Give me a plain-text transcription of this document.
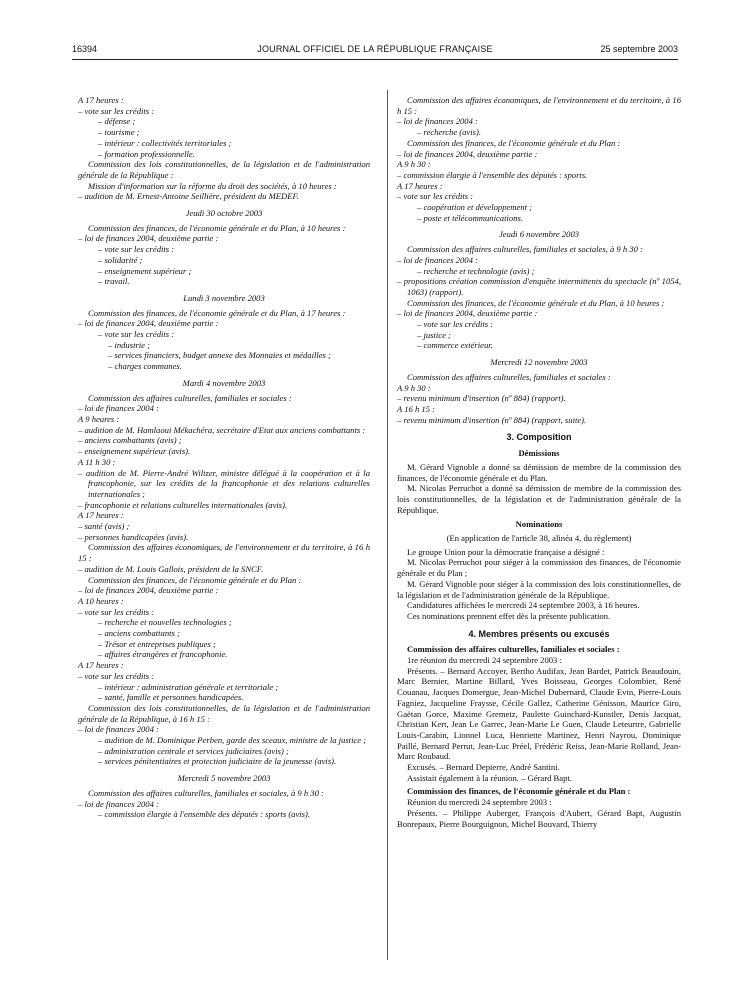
16394	JOURNAL OFFICIEL DE LA RÉPUBLIQUE FRANÇAISE	25 septembre 2003

A 17 heures :

– vote sur les crédits :

– défense ;

– tourisme ;

– intérieur : collectivités territoriales ;

– formation professionnelle.

Commission des lois constitutionnelles, de la législation et de l'administration générale de la République :

Mission d'information sur la réforme du droit des sociétés, à 10 heures :

– audition de M. Ernest-Antoine Seillière, président du MEDEF.

Jeudi 30 octobre 2003

Commission des finances, de l'économie générale et du Plan, à 10 heures :

– loi de finances 2004, deuxième partie :

– vote sur les crédits :

– solidarité ;

– enseignement supérieur ;

– travail.

Lundi 3 novembre 2003

Commission des finances, de l'économie générale et du Plan, à 17 heures :

– loi de finances 2004, deuxième partie :

– vote sur les crédits :

– industrie ;

– services financiers, budget annexe des Monnaies et médailles ;

– charges communes.

Mardi 4 novembre 2003

Commission des affaires culturelles, familiales et sociales :

– loi de finances 2004 :

A 9 heures :

– audition de M. Hamlaoui Mékachéra, secrétaire d'Etat aux anciens combattants :

– anciens combattants (avis) ;

– enseignement supérieur (avis).

A 11 h 30 :

– audition de M. Pierre-André Wiltzer, ministre délégué à la coopération et à la francophonie, sur les crédits de la francophonie et des relations culturelles internationales ;

– francophonie et relations culturelles internationales (avis).

A 17 heures :

– santé (avis) ;

– personnes handicapées (avis).

Commission des affaires économiques, de l'environnement et du territoire, à 16 h 15 :

– audition de M. Louis Gallois, président de la SNCF.

Commission des finances, de l'économie générale et du Plan :

– loi de finances 2004, deuxième partie :

A 10 heures :

– vote sur les crédits :

– recherche et nouvelles technologies ;

– anciens combattants ;

– Trésor et entreprises publiques ;

– affaires étrangères et francophonie.

A 17 heures :

– vote sur les crédits :

– intérieur : administration générale et territoriale ;

– santé, famille et personnes handicapées.

Commission des lois constitutionnelles, de la législation et de l'administration générale de la République, à 16 h 15 :

– loi de finances 2004 :

– audition de M. Dominique Perben, garde des sceaux, ministre de la justice ;

– administration centrale et services judiciaires (avis) ;

– services pénitentiaires et protection judiciaire de la jeunesse (avis).

Mercredi 5 novembre 2003

Commission des affaires culturelles, familiales et sociales, à 9 h 30 :

– loi de finances 2004 :

– commission élargie à l'ensemble des députés : sports (avis).

Commission des affaires économiques, de l'environnement et du territoire, à 16 h 15 :

– loi de finances 2004 :

– recherche (avis).

Commission des finances, de l'économie générale et du Plan :

– loi de finances 2004, deuxième partie :

A 9 h 30 :

– commission élargie à l'ensemble des députés : sports.

A 17 heures :

– vote sur les crédits :

– coopération et développement ;

– poste et télécommunications.

Jeudi 6 novembre 2003

Commission des affaires culturelles, familiales et sociales, à 9 h 30 :

– loi de finances 2004 :

– recherche et technologie (avis) ;

– propositions création commission d'enquête intermittents du spectacle (nº 1054, 1063) (rapport).

Commission des finances, de l'économie générale et du Plan, à 10 heures :

– loi de finances 2004, deuxième partie :

– vote sur les crédits :

– justice ;

– commerce extérieur.

Mercredi 12 novembre 2003

Commission des affaires culturelles, familiales et sociales :

A 9 h 30 :

– revenu minimum d'insertion (nº 884) (rapport).

A 16 h 15 :

– revenu minimum d'insertion (nº 884) (rapport, suite).

3. Composition

Démissions

M. Gérard Vignoble a donné sa démission de membre de la commission des finances, de l'économie générale et du Plan.

M. Nicolas Perruchot a donné sa démission de membre de la commission des lois constitutionnelles, de la législation et de l'administration générale de la République.

Nominations

(En application de l'article 38, alinéa 4, du règlement)

Le groupe Union pour la démocratie française a désigné :

M. Nicolas Perruchot pour siéger à la commission des finances, de l'économie générale et du Plan ;

M. Gérard Vignoble pour siéger à la commission des lois constitutionnelles, de la législation et de l'administration générale de la République.

Candidatures affichées le mercredi 24 septembre 2003, à 16 heures.

Ces nominations prennent effet dès la présente publication.

4. Membres présents ou excusés

Commission des affaires culturelles, familiales et sociales :

1re réunion du mercredi 24 septembre 2003 :

Présents. – Bernard Accoyer, Bertho Audifax, Jean Bardet, Patrick Beaudouin, Marc Bernier, Martine Billard, Yves Boisseau, Georges Colombier, René Couanau, Jacques Domergue, Jean-Michel Dubernard, Claude Evin, Pierre-Louis Fagniez, Jacqueline Fraysse, Cécile Gallez, Catherine Génisson, Maurice Giro, Gaëtan Gorce, Maxime Gremetz, Paulette Guinchard-Kunstler, Denis Jacquat, Christian Kert, Jean Le Garrec, Jean-Marie Le Guen, Claude Leteurtre, Gabrielle Louis-Carabin, Lionnel Luca, Henriette Martinez, Henri Nayrou, Dominique Paillé, Bernard Perrut, Jean-Luc Préel, Frédéric Reiss, Jean-Marie Rolland, Jean-Marc Roubaud.

Excusés. – Bernard Depierre, André Santini.

Assistait également à la réunion. – Gérard Bapt.

Commission des finances, de l'économie générale et du Plan :

Réunion du mercredi 24 septembre 2003 :

Présents. – Philippe Auberger, François d'Aubert, Gérard Bapt, Augustin Bonrepaux, Pierre Bourguignon, Michel Bouvard, Thierry
